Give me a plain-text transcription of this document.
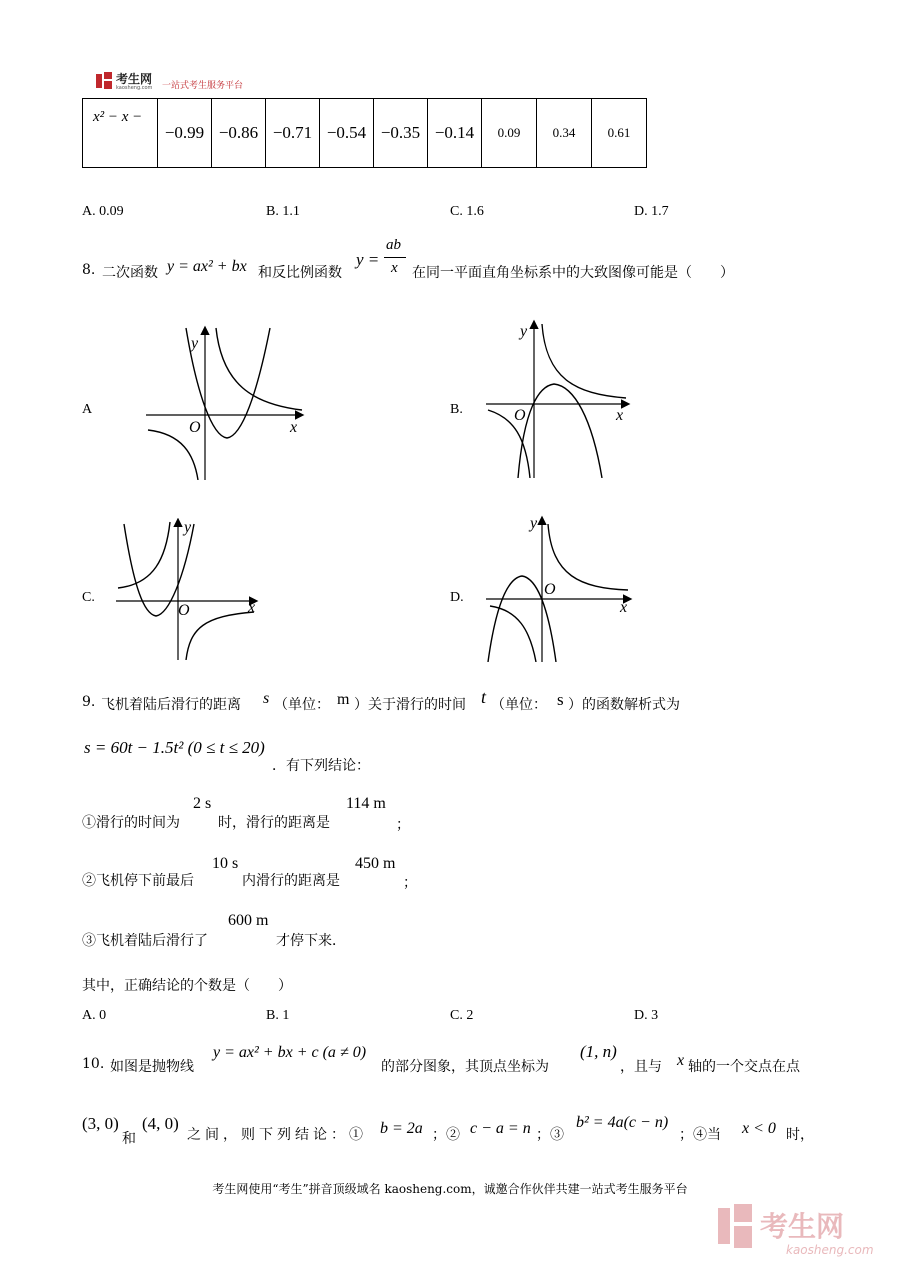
考生网
kaosheng.com 一站式考生服务平台
x² − x −	−0.99	−0.86	−0.71	−0.54	−0.35	−0.14	0.09	0.34	0.61
A. 0.09	B. 1.1	C. 1.6	D. 1.7
8. 二次函数 y = ax² + bx 和反比例函数
y =
ab
x 在同一平面直角坐标系中的大致图像可能是（　　）
A	B.
C.	D.
y
x
O
y
x
O
y
x
O
y
x
O
9. 飞机着陆后滑行的距离 s （单位： m ）关于滑行的时间 t （单位： s ）的函数解析式为
s = 60t − 1.5t² (0 ≤ t ≤ 20)
．有下列结论：
①滑行的时间为
2 s
时，滑行的距离是
114 m
；
②飞机停下前最后
10 s
内滑行的距离是
450 m
；
③飞机着陆后滑行了
600 m
才停下来．
其中，正确结论的个数是（　　）
A. 0	B. 1	C. 2	D. 3
10. 如图是抛物线
y = ax² + bx + c (a ≠ 0)
的部分图象，其顶点坐标为
(1, n)
，且与 x 轴的一个交点在点
(3, 0)
和
(4, 0)
之间，则下列结论：① b = 2a ；② c − a = n ；③
b² = 4a(c − n)
；④当 x < 0 时，
考生网使用“考生”拼音顶级域名 kaosheng.com，诚邀合作伙伴共建一站式考生服务平台
考生网
kaosheng.com
